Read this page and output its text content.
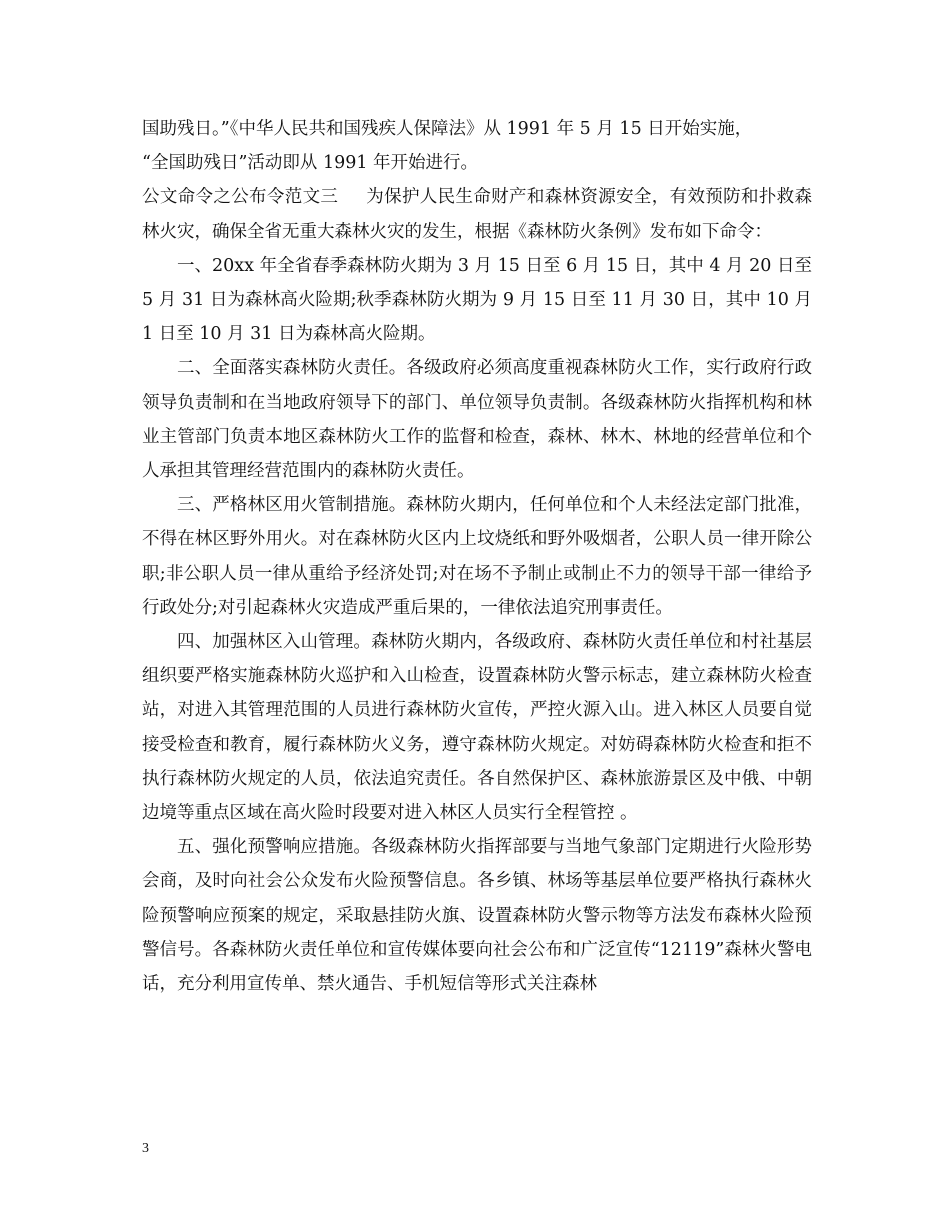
国助残日。”《中华人民共和国残疾人保障法》从 1991 年 5 月 15 日开始实施，

“全国助残日”活动即从 1991 年开始进行。

公文命令之公布令范文三 为保护人民生命财产和森林资源安全，有效预防和扑救森林火灾，确保全省无重大森林火灾的发生，根据《森林防火条例》发布如下命令：

一、20xx 年全省春季森林防火期为 3 月 15 日至 6 月 15 日，其中 4 月 20 日至 5 月 31 日为森林高火险期;秋季森林防火期为 9 月 15 日至 11 月 30 日，其中 10 月 1 日至 10 月 31 日为森林高火险期。

二、全面落实森林防火责任。各级政府必须高度重视森林防火工作，实行政府行政领导负责制和在当地政府领导下的部门、单位领导负责制。各级森林防火指挥机构和林业主管部门负责本地区森林防火工作的监督和检查，森林、林木、林地的经营单位和个人承担其管理经营范围内的森林防火责任。

三、严格林区用火管制措施。森林防火期内，任何单位和个人未经法定部门批准，不得在林区野外用火。对在森林防火区内上坟烧纸和野外吸烟者，公职人员一律开除公职;非公职人员一律从重给予经济处罚;对在场不予制止或制止不力的领导干部一律给予行政处分;对引起森林火灾造成严重后果的，一律依法追究刑事责任。

四、加强林区入山管理。森林防火期内，各级政府、森林防火责任单位和村社基层组织要严格实施森林防火巡护和入山检查，设置森林防火警示标志，建立森林防火检查站，对进入其管理范围的人员进行森林防火宣传，严控火源入山。进入林区人员要自觉接受检查和教育，履行森林防火义务，遵守森林防火规定。对妨碍森林防火检查和拒不执行森林防火规定的人员，依法追究责任。各自然保护区、森林旅游景区及中俄、中朝边境等重点区域在高火险时段要对进入林区人员实行全程管控 。

五、强化预警响应措施。各级森林防火指挥部要与当地气象部门定期进行火险形势会商，及时向社会公众发布火险预警信息。各乡镇、林场等基层单位要严格执行森林火险预警响应预案的规定，采取悬挂防火旗、设置森林防火警示物等方法发布森林火险预警信号。各森林防火责任单位和宣传媒体要向社会公布和广泛宣传“12119”森林火警电话，充分利用宣传单、禁火通告、手机短信等形式关注森林

3
